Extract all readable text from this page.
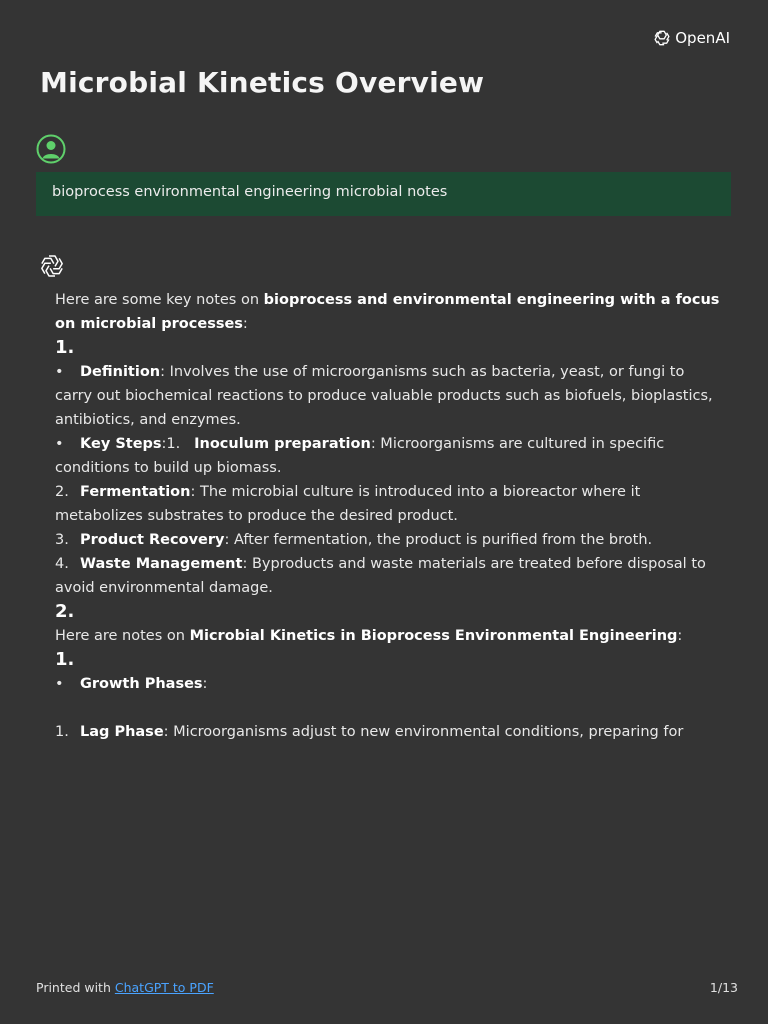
OpenAI
Microbial Kinetics Overview
bioprocess environmental engineering microbial notes

Here are some key notes on bioprocess and environmental engineering with a focus on microbial processes:

1.

• Definition: Involves the use of microorganisms such as bacteria, yeast, or fungi to carry out biochemical reactions to produce valuable products such as biofuels, bioplastics, antibiotics, and enzymes.

• Key Steps:1. Inoculum preparation: Microorganisms are cultured in specific conditions to build up biomass.

2. Fermentation: The microbial culture is introduced into a bioreactor where it metabolizes substrates to produce the desired product.

3. Product Recovery: After fermentation, the product is purified from the broth.

4. Waste Management: Byproducts and waste materials are treated before disposal to avoid environmental damage.

2.

Here are notes on Microbial Kinetics in Bioprocess Environmental Engineering:

1.

• Growth Phases:

1. Lag Phase: Microorganisms adjust to new environmental conditions, preparing for

Printed with ChatGPT to PDF	1/13
